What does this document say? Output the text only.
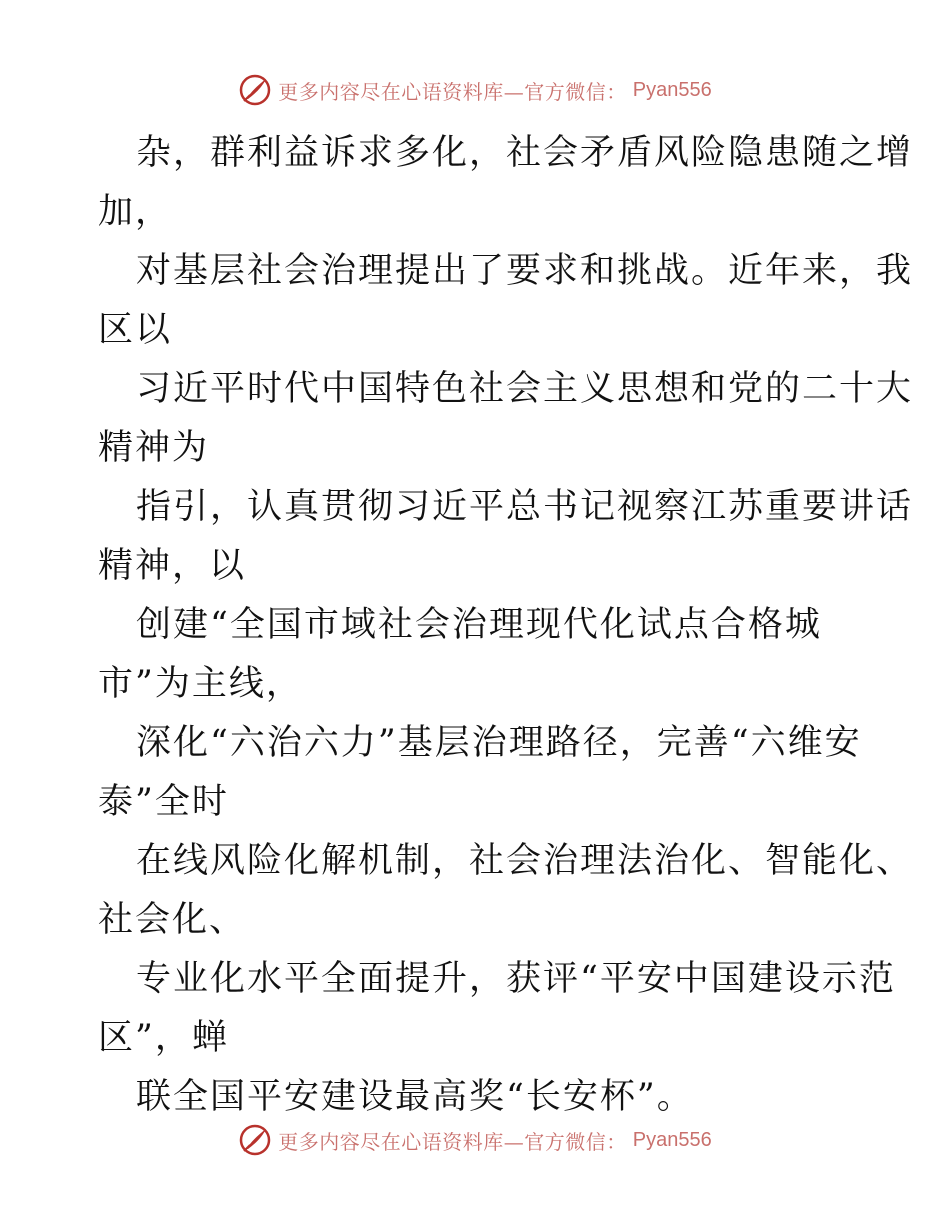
更多内容尽在心语资料库—官方微信： Pyan556
杂，群利益诉求多化，社会矛盾风险隐患随之增
加，
对基层社会治理提出了要求和挑战。近年来，我
区以
习近平时代中国特色社会主义思想和党的二十大
精神为
指引，认真贯彻习近平总书记视察江苏重要讲话
精神，以
创建“全国市域社会治理现代化试点合格城
市”为主线，
深化“六治六力”基层治理路径，完善“六维安
泰”全时
在线风险化解机制，社会治理法治化、智能化、
社会化、
专业化水平全面提升，获评“平安中国建设示范
区”，蝉
联全国平安建设最高奖“长安杯”。
更多内容尽在心语资料库—官方微信： Pyan556
